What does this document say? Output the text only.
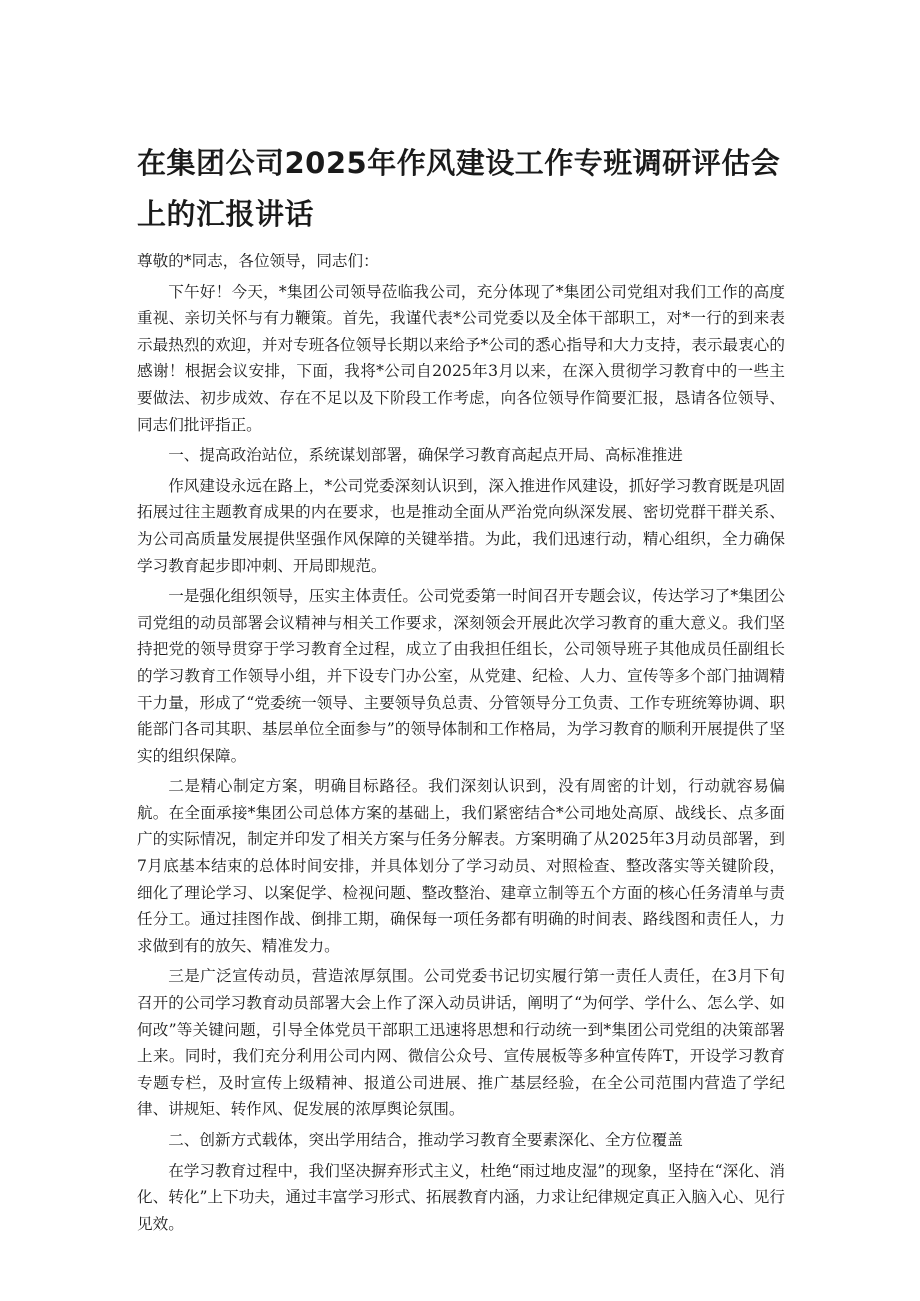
在集团公司2025年作风建设工作专班调研评估会上的汇报讲话

尊敬的*同志，各位领导，同志们：

下午好！今天，*集团公司领导莅临我公司，充分体现了*集团公司党组对我们工作的高度重视、亲切关怀与有力鞭策。首先，我谨代表*公司党委以及全体干部职工，对*一行的到来表示最热烈的欢迎，并对专班各位领导长期以来给予*公司的悉心指导和大力支持，表示最衷心的感谢！根据会议安排，下面，我将*公司自2025年3月以来，在深入贯彻学习教育中的一些主要做法、初步成效、存在不足以及下阶段工作考虑，向各位领导作简要汇报，恳请各位领导、同志们批评指正。

一、提高政治站位，系统谋划部署，确保学习教育高起点开局、高标准推进

作风建设永远在路上，*公司党委深刻认识到，深入推进作风建设，抓好学习教育既是巩固拓展过往主题教育成果的内在要求，也是推动全面从严治党向纵深发展、密切党群干群关系、为公司高质量发展提供坚强作风保障的关键举措。为此，我们迅速行动，精心组织，全力确保学习教育起步即冲刺、开局即规范。

一是强化组织领导，压实主体责任。公司党委第一时间召开专题会议，传达学习了*集团公司党组的动员部署会议精神与相关工作要求，深刻领会开展此次学习教育的重大意义。我们坚持把党的领导贯穿于学习教育全过程，成立了由我担任组长，公司领导班子其他成员任副组长的学习教育工作领导小组，并下设专门办公室，从党建、纪检、人力、宣传等多个部门抽调精干力量，形成了“党委统一领导、主要领导负总责、分管领导分工负责、工作专班统筹协调、职能部门各司其职、基层单位全面参与”的领导体制和工作格局，为学习教育的顺利开展提供了坚实的组织保障。

二是精心制定方案，明确目标路径。我们深刻认识到，没有周密的计划，行动就容易偏航。在全面承接*集团公司总体方案的基础上，我们紧密结合*公司地处高原、战线长、点多面广的实际情况，制定并印发了相关方案与任务分解表。方案明确了从2025年3月动员部署，到7月底基本结束的总体时间安排，并具体划分了学习动员、对照检查、整改落实等关键阶段，细化了理论学习、以案促学、检视问题、整改整治、建章立制等五个方面的核心任务清单与责任分工。通过挂图作战、倒排工期，确保每一项任务都有明确的时间表、路线图和责任人，力求做到有的放矢、精准发力。

三是广泛宣传动员，营造浓厚氛围。公司党委书记切实履行第一责任人责任，在3月下旬召开的公司学习教育动员部署大会上作了深入动员讲话，阐明了“为何学、学什么、怎么学、如何改”等关键问题，引导全体党员干部职工迅速将思想和行动统一到*集团公司党组的决策部署上来。同时，我们充分利用公司内网、微信公众号、宣传展板等多种宣传阵T，开设学习教育专题专栏，及时宣传上级精神、报道公司进展、推广基层经验，在全公司范围内营造了学纪律、讲规矩、转作风、促发展的浓厚舆论氛围。

二、创新方式载体，突出学用结合，推动学习教育全要素深化、全方位覆盖

在学习教育过程中，我们坚决摒弃形式主义，杜绝“雨过地皮湿”的现象，坚持在“深化、消化、转化”上下功夫，通过丰富学习形式、拓展教育内涵，力求让纪律规定真正入脑入心、见行见效。
